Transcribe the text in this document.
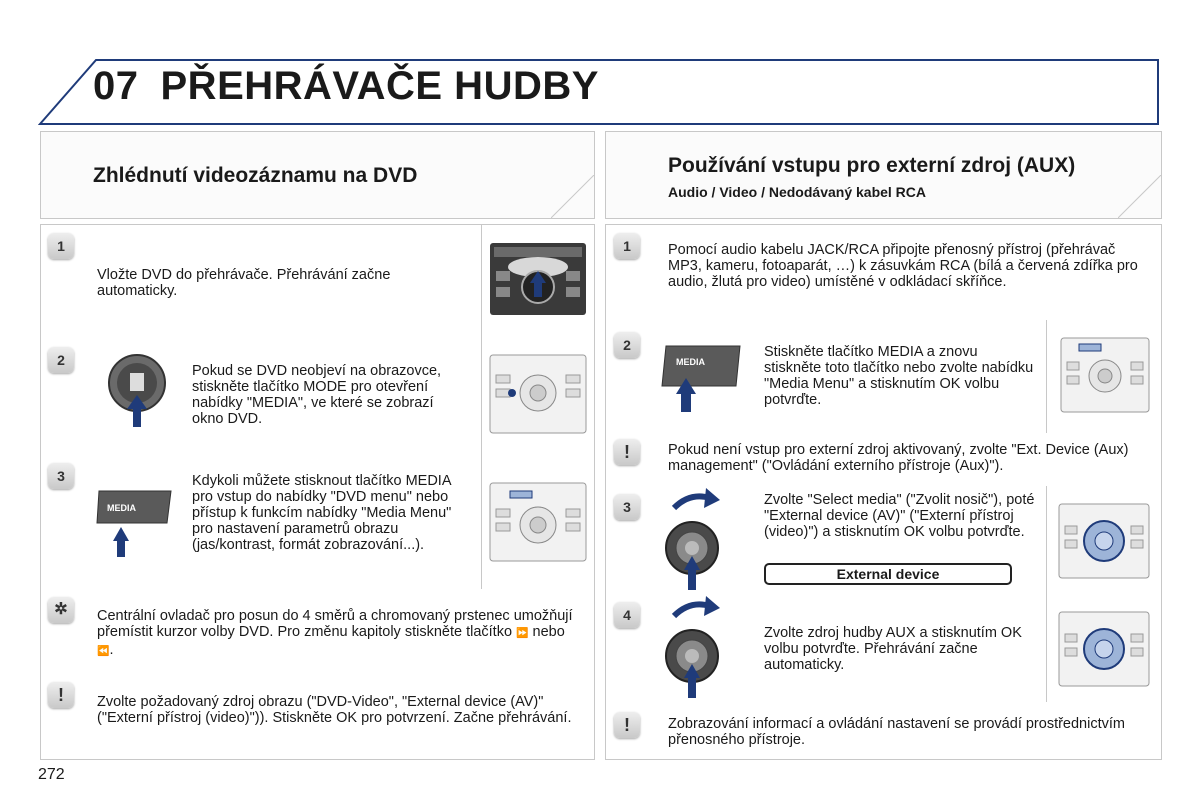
07 PŘEHRÁVAČE HUDBY
Zhlédnutí videozáznamu na DVD
1
Vložte DVD do přehrávače. Přehrávání začne automaticky.
2
Pokud se DVD neobjeví na obrazovce, stiskněte tlačítko MODE pro otevření nabídky "MEDIA", ve které se zobrazí okno DVD.
3
MEDIA
Kdykoli můžete stisknout tlačítko MEDIA pro vstup do nabídky "DVD menu" nebo přístup k funkcím nabídky "Media Menu" pro nastavení parametrů obrazu (jas/kontrast, formát zobrazování...).
✲	Centrální ovladač pro posun do 4 směrů a chromovaný prstenec umožňují přemístit kurzor volby DVD. Pro změnu kapitoly stiskněte tlačítko ⏩ nebo ⏪.
!	Zvolte požadovaný zdroj obrazu ("DVD-Video", "External device (AV)" ("Externí přístroj (video)")). Stiskněte OK pro potvrzení. Začne přehrávání.
Používání vstupu pro externí zdroj (AUX)
Audio / Video / Nedodávaný kabel RCA
1	Pomocí audio kabelu JACK/RCA připojte přenosný přístroj (přehrávač MP3, kameru, fotoaparát, …) k zásuvkám RCA (bílá a červená zdířka pro audio, žlutá pro video) umístěné v odkládací skříňce.
2
MEDIA
Stiskněte tlačítko MEDIA a znovu stiskněte toto tlačítko nebo zvolte nabídku "Media Menu" a stisknutím OK volbu potvrďte.
!	Pokud není vstup pro externí zdroj aktivovaný, zvolte "Ext. Device (Aux) management" ("Ovládání externího přístroje (Aux)").
3	Zvolte "Select media" ("Zvolit nosič"), poté "External device (AV)" ("Externí přístroj (video)") a stisknutím OK volbu potvrďte.
External device
4
Zvolte zdroj hudby AUX a stisknutím OK volbu potvrďte. Přehrávání začne automaticky.
!	Zobrazování informací a ovládání nastavení se provádí prostřednictvím přenosného přístroje.
272
